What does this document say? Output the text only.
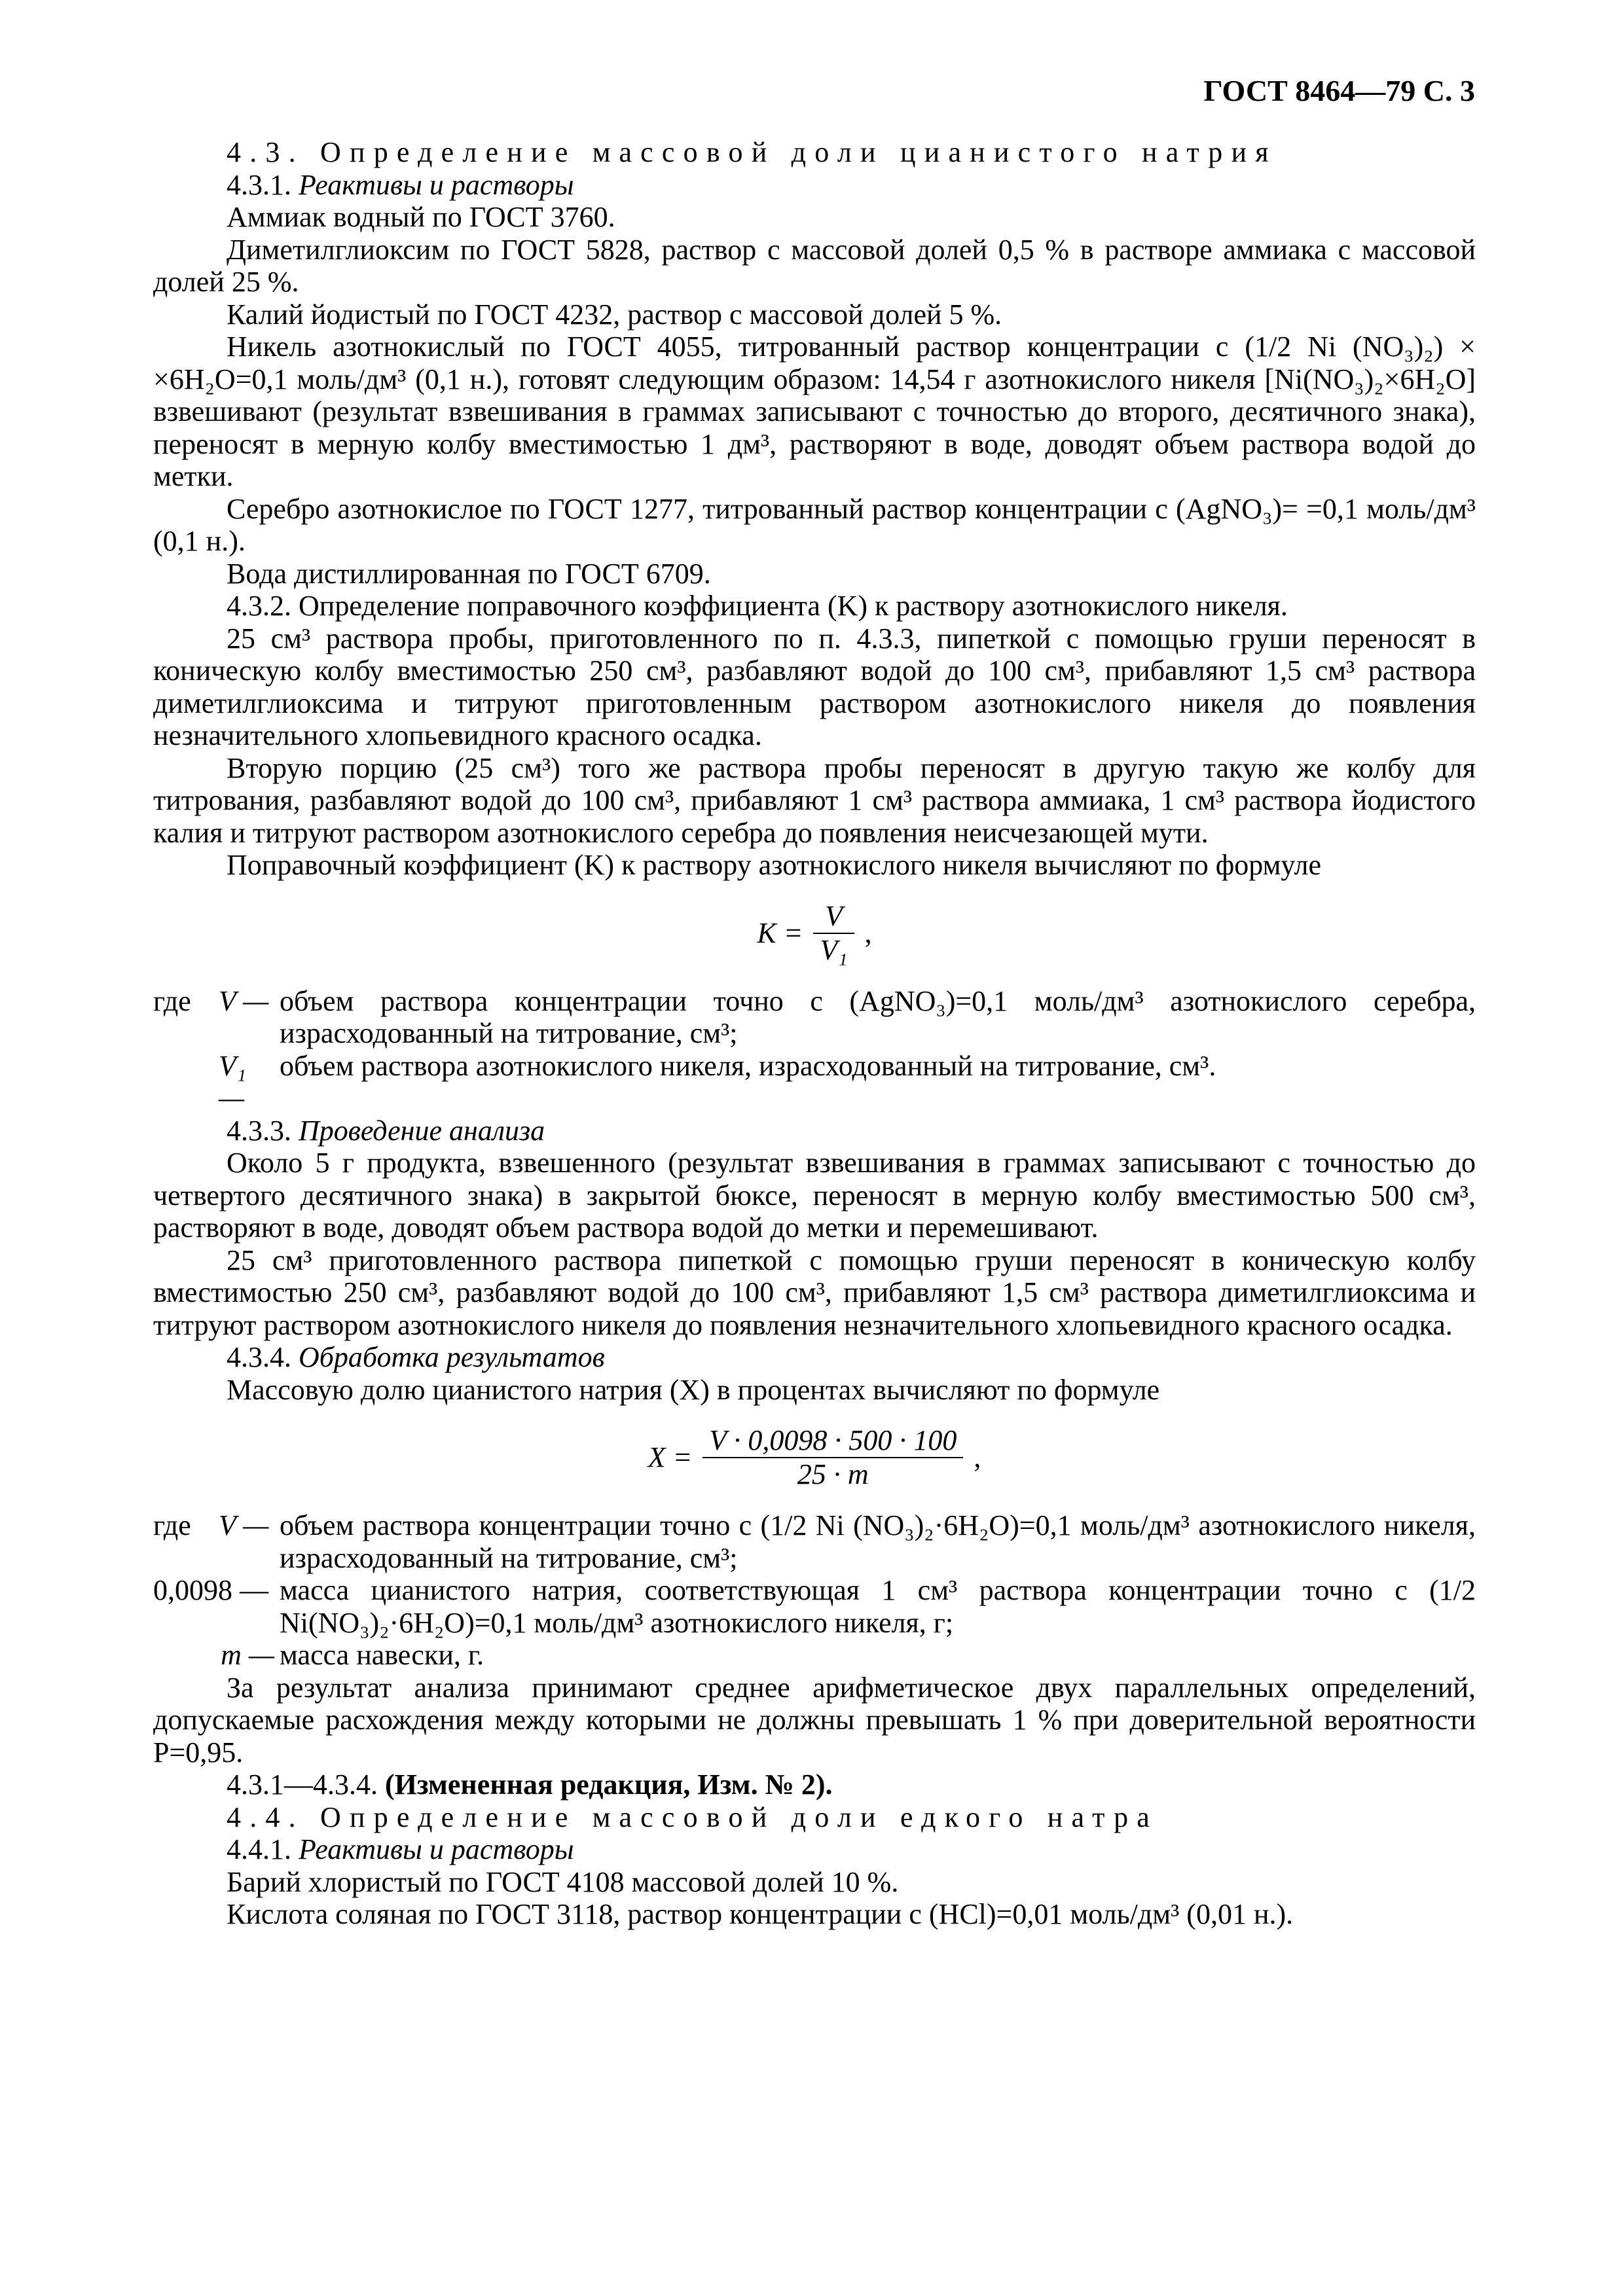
ГОСТ 8464—79 С. 3

4.3. Определение массовой доли цианистого натрия

4.3.1. Реактивы и растворы

Аммиак водный по ГОСТ 3760.

Диметилглиоксим по ГОСТ 5828, раствор с массовой долей 0,5 % в растворе аммиака с массовой долей 25 %.

Калий йодистый по ГОСТ 4232, раствор с массовой долей 5 %.

Никель азотнокислый по ГОСТ 4055, титрованный раствор концентрации c (1/2 Ni (NO₃)₂) × ×6H₂O=0,1 моль/дм³ (0,1 н.), готовят следующим образом: 14,54 г азотнокислого никеля [Ni(NO₃)₂×6H₂O] взвешивают (результат взвешивания в граммах записывают с точностью до второго, десятичного знака), переносят в мерную колбу вместимостью 1 дм³, растворяют в воде, доводят объем раствора водой до метки.

Серебро азотнокислое по ГОСТ 1277, титрованный раствор концентрации c (AgNO₃)= =0,1 моль/дм³ (0,1 н.).

Вода дистиллированная по ГОСТ 6709.

4.3.2. Определение поправочного коэффициента (K) к раствору азотнокислого никеля.

25 см³ раствора пробы, приготовленного по п. 4.3.3, пипеткой с помощью груши переносят в коническую колбу вместимостью 250 см³, разбавляют водой до 100 см³, прибавляют 1,5 см³ раствора диметилглиоксима и титруют приготовленным раствором азотнокислого никеля до появления незначительного хлопьевидного красного осадка.

Вторую порцию (25 см³) того же раствора пробы переносят в другую такую же колбу для титрования, разбавляют водой до 100 см³, прибавляют 1 см³ раствора аммиака, 1 см³ раствора йодистого калия и титруют раствором азотнокислого серебра до появления неисчезающей мути.

Поправочный коэффициент (K) к раствору азотнокислого никеля вычисляют по формуле

K =	$\frac{V}{\text{V₁}}$	,
где V — объем раствора концентрации точно c (AgNO₃)=0,1 моль/дм³ азотнокислого серебра, израсходованный на титрование, см³;
V₁ —
объем раствора азотнокислого никеля, израсходованный на титрование, см³.

4.3.3. Проведение анализа

Около 5 г продукта, взвешенного (результат взвешивания в граммах записывают с точностью до четвертого десятичного знака) в закрытой бюксе, переносят в мерную колбу вместимостью 500 см³, растворяют в воде, доводят объем раствора водой до метки и перемешивают.

25 см³ приготовленного раствора пипеткой с помощью груши переносят в коническую колбу вместимостью 250 см³, разбавляют водой до 100 см³, прибавляют 1,5 см³ раствора диметилглиоксима и титруют раствором азотнокислого никеля до появления незначительного хлопьевидного красного осадка.

4.3.4. Обработка результатов

Массовую долю цианистого натрия (X) в процентах вычисляют по формуле

X =	$\frac{V \cdot 0,0098 \cdot 500 \cdot 100}{25 \cdot m}$	,
где V — объем раствора концентрации точно c (1/2 Ni (NO₃)₂·6H₂O)=0,1 моль/дм³ азотнокислого никеля, израсходованный на титрование, см³;
0,0098 — масса цианистого натрия, соответствующая 1 см³ раствора концентрации точно c (1/2 Ni(NO₃)₂·6H₂O)=0,1 моль/дм³ азотнокислого никеля, г;
m — масса навески, г.

За результат анализа принимают среднее арифметическое двух параллельных определений, допускаемые расхождения между которыми не должны превышать 1 % при доверительной вероятности P=0,95.

4.3.1—4.3.4. (Измененная редакция, Изм. № 2).

4.4. Определение массовой доли едкого натра

4.4.1. Реактивы и растворы

Барий хлористый по ГОСТ 4108 массовой долей 10 %.

Кислота соляная по ГОСТ 3118, раствор концентрации c (HCl)=0,01 моль/дм³ (0,01 н.).
